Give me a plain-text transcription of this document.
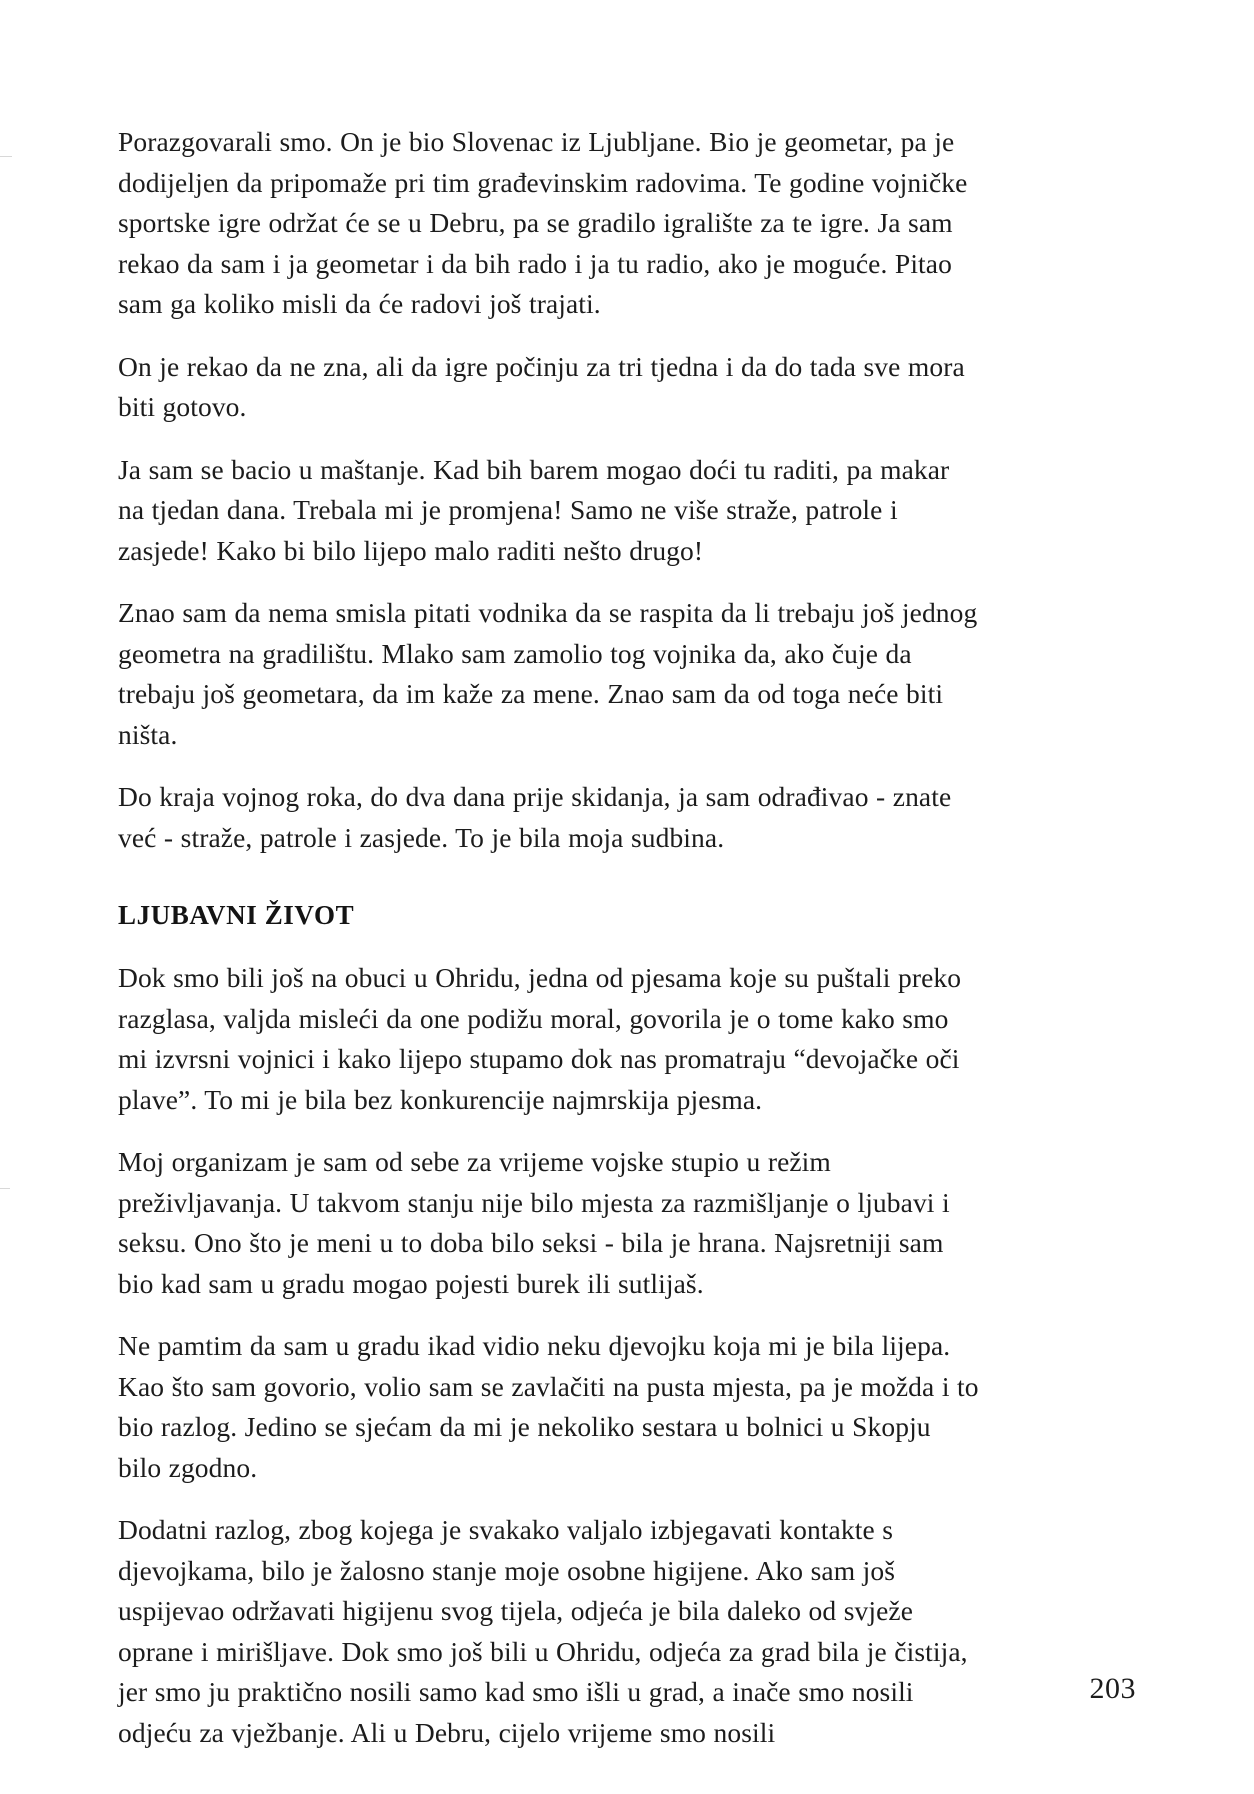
Porazgovarali smo. On je bio Slovenac iz Ljubljane. Bio je geometar, pa je dodijeljen da pripomaže pri tim građevinskim radovima. Te godine vojničke sportske igre održat će se u Debru, pa se gradilo igralište za te igre. Ja sam rekao da sam i ja geometar i da bih rado i ja tu radio, ako je moguće. Pitao sam ga koliko misli da će radovi još trajati.

On je rekao da ne zna, ali da igre počinju za tri tjedna i da do tada sve mora biti gotovo.

Ja sam se bacio u maštanje. Kad bih barem mogao doći tu raditi, pa makar na tjedan dana. Trebala mi je promjena! Samo ne više straže, patrole i zasjede! Kako bi bilo lijepo malo raditi nešto drugo!

Znao sam da nema smisla pitati vodnika da se raspita da li trebaju još jednog geometra na gradilištu. Mlako sam zamolio tog vojnika da, ako čuje da trebaju još geometara, da im kaže za mene. Znao sam da od toga neće biti ništa.

Do kraja vojnog roka, do dva dana prije skidanja, ja sam odrađivao - znate već - straže, patrole i zasjede. To je bila moja sudbina.

LJUBAVNI ŽIVOT

Dok smo bili još na obuci u Ohridu, jedna od pjesama koje su puštali preko razglasa, valjda misleći da one podižu moral, govorila je o tome kako smo mi izvrsni vojnici i kako lijepo stupamo dok nas promatraju “devojačke oči plave”. To mi je bila bez konkurencije najmrskija pjesma.

Moj organizam je sam od sebe za vrijeme vojske stupio u režim preživljavanja. U takvom stanju nije bilo mjesta za razmišljanje o ljubavi i seksu. Ono što je meni u to doba bilo seksi - bila je hrana. Najsretniji sam bio kad sam u gradu mogao pojesti burek ili sutlijaš.

Ne pamtim da sam u gradu ikad vidio neku djevojku koja mi je bila lijepa. Kao što sam govorio, volio sam se zavlačiti na pusta mjesta, pa je možda i to bio razlog. Jedino se sjećam da mi je nekoliko sestara u bolnici u Skopju bilo zgodno.

Dodatni razlog, zbog kojega je svakako valjalo izbjegavati kontakte s djevojkama, bilo je žalosno stanje moje osobne higijene. Ako sam još uspijevao održavati higijenu svog tijela, odjeća je bila daleko od svježe oprane i mirišljave. Dok smo još bili u Ohridu, odjeća za grad bila je čistija, jer smo ju praktično nosili samo kad smo išli u grad, a inače smo nosili odjeću za vježbanje. Ali u Debru, cijelo vrijeme smo nosili

203
